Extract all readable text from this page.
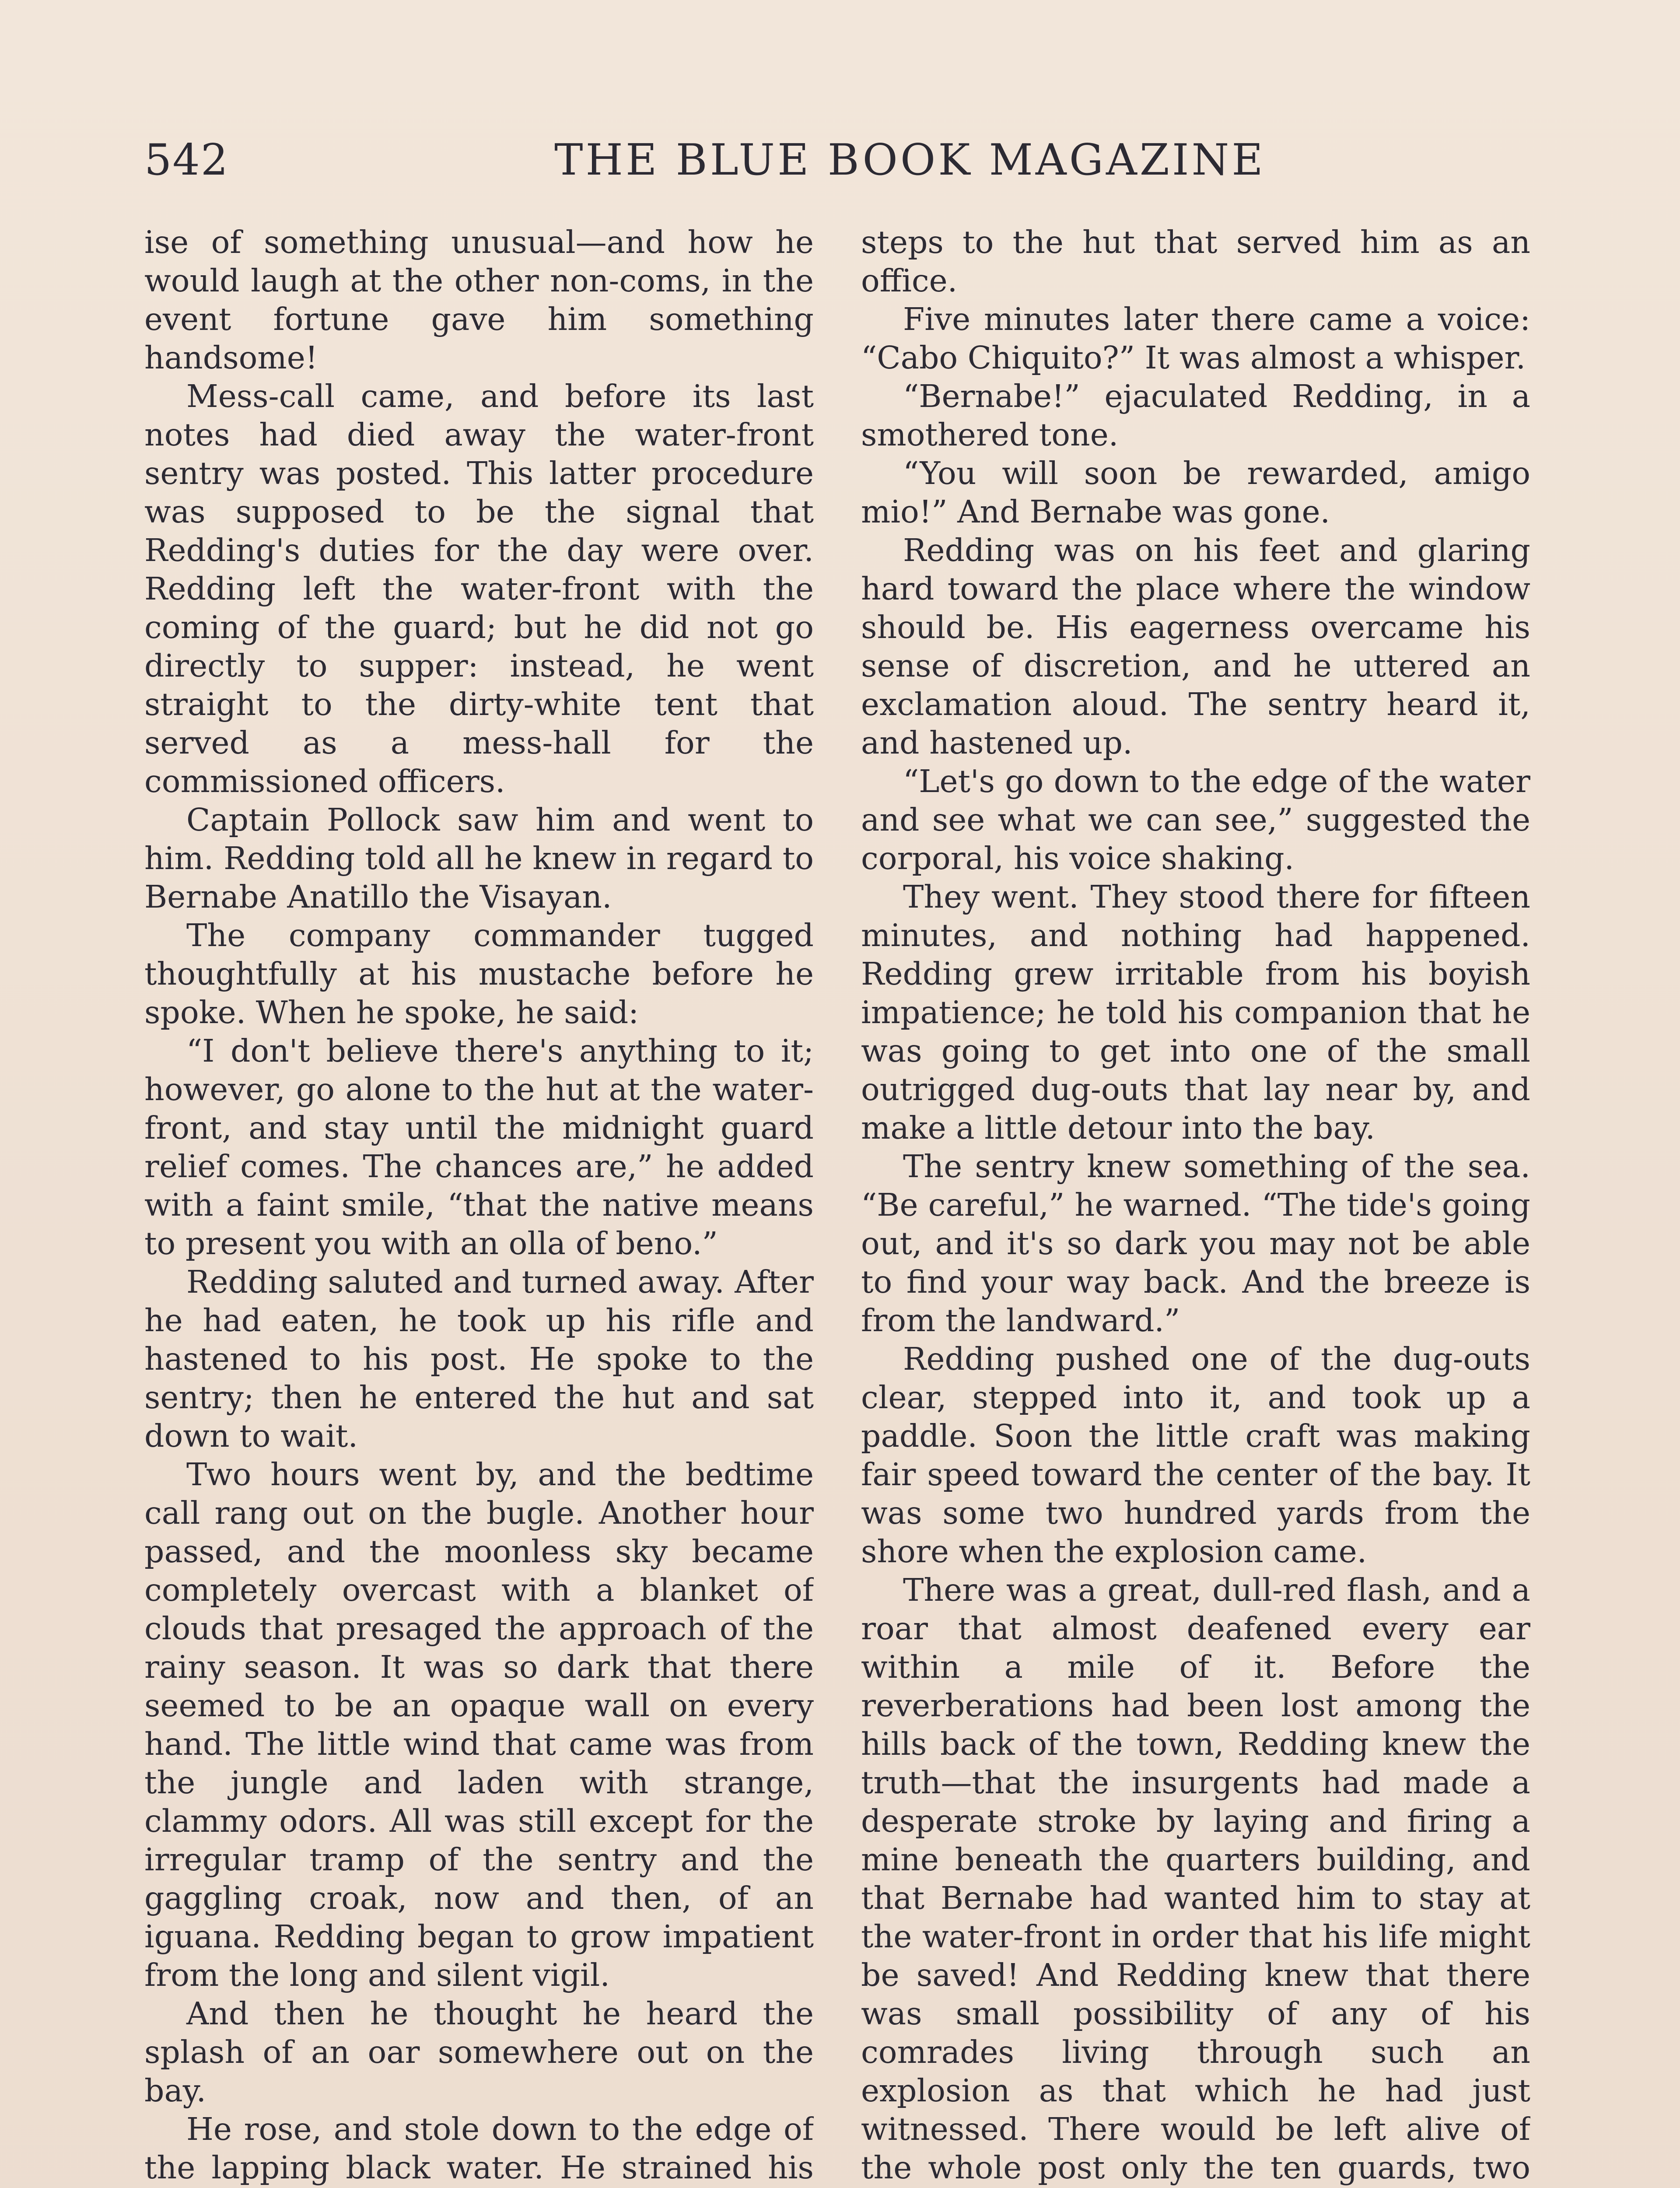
542	THE BLUE BOOK MAGAZINE

ise of something unusual—and how he would laugh at the other non-coms, in the event fortune gave him something handsome!

Mess-call came, and before its last notes had died away the water-front sentry was posted. This latter procedure was supposed to be the signal that Redding's duties for the day were over. Redding left the water-front with the coming of the guard; but he did not go directly to supper: instead, he went straight to the dirty-white tent that served as a mess-hall for the commissioned officers.

Captain Pollock saw him and went to him. Redding told all he knew in regard to Bernabe Anatillo the Visayan.

The company commander tugged thoughtfully at his mustache before he spoke. When he spoke, he said:

“I don't believe there's anything to it; however, go alone to the hut at the water-front, and stay until the midnight guard relief comes. The chances are,” he added with a faint smile, “that the native means to present you with an olla of beno.”

Redding saluted and turned away. After he had eaten, he took up his rifle and hastened to his post. He spoke to the sentry; then he entered the hut and sat down to wait.

Two hours went by, and the bedtime call rang out on the bugle. Another hour passed, and the moonless sky became completely overcast with a blanket of clouds that presaged the approach of the rainy season. It was so dark that there seemed to be an opaque wall on every hand. The little wind that came was from the jungle and laden with strange, clammy odors. All was still except for the irregular tramp of the sentry and the gaggling croak, now and then, of an iguana. Redding began to grow impatient from the long and silent vigil.

And then he thought he heard the splash of an oar somewhere out on the bay.

He rose, and stole down to the edge of the lapping black water. He strained his

steps to the hut that served him as an office.

Five minutes later there came a voice: “Cabo Chiquito?” It was almost a whisper.

“Bernabe!” ejaculated Redding, in a smothered tone.

“You will soon be rewarded, amigo mio!” And Bernabe was gone.

Redding was on his feet and glaring hard toward the place where the window should be. His eagerness overcame his sense of discretion, and he uttered an exclamation aloud. The sentry heard it, and hastened up.

“Let's go down to the edge of the water and see what we can see,” suggested the corporal, his voice shaking.

They went. They stood there for fifteen minutes, and nothing had happened. Redding grew irritable from his boyish impatience; he told his companion that he was going to get into one of the small outrigged dug-outs that lay near by, and make a little detour into the bay.

The sentry knew something of the sea. “Be careful,” he warned. “The tide's going out, and it's so dark you may not be able to find your way back. And the breeze is from the landward.”

Redding pushed one of the dug-outs clear, stepped into it, and took up a paddle. Soon the little craft was making fair speed toward the center of the bay. It was some two hundred yards from the shore when the explosion came.

There was a great, dull-red flash, and a roar that almost deafened every ear within a mile of it. Before the reverberations had been lost among the hills back of the town, Redding knew the truth—that the insurgents had made a desperate stroke by laying and firing a mine beneath the quarters building, and that Bernabe had wanted him to stay at the water-front in order that his life might be saved! And Redding knew that there was small possibility of any of his comrades living through such an explosion as that which he had just witnessed. There would be left alive of the whole post only the ten guards, two
